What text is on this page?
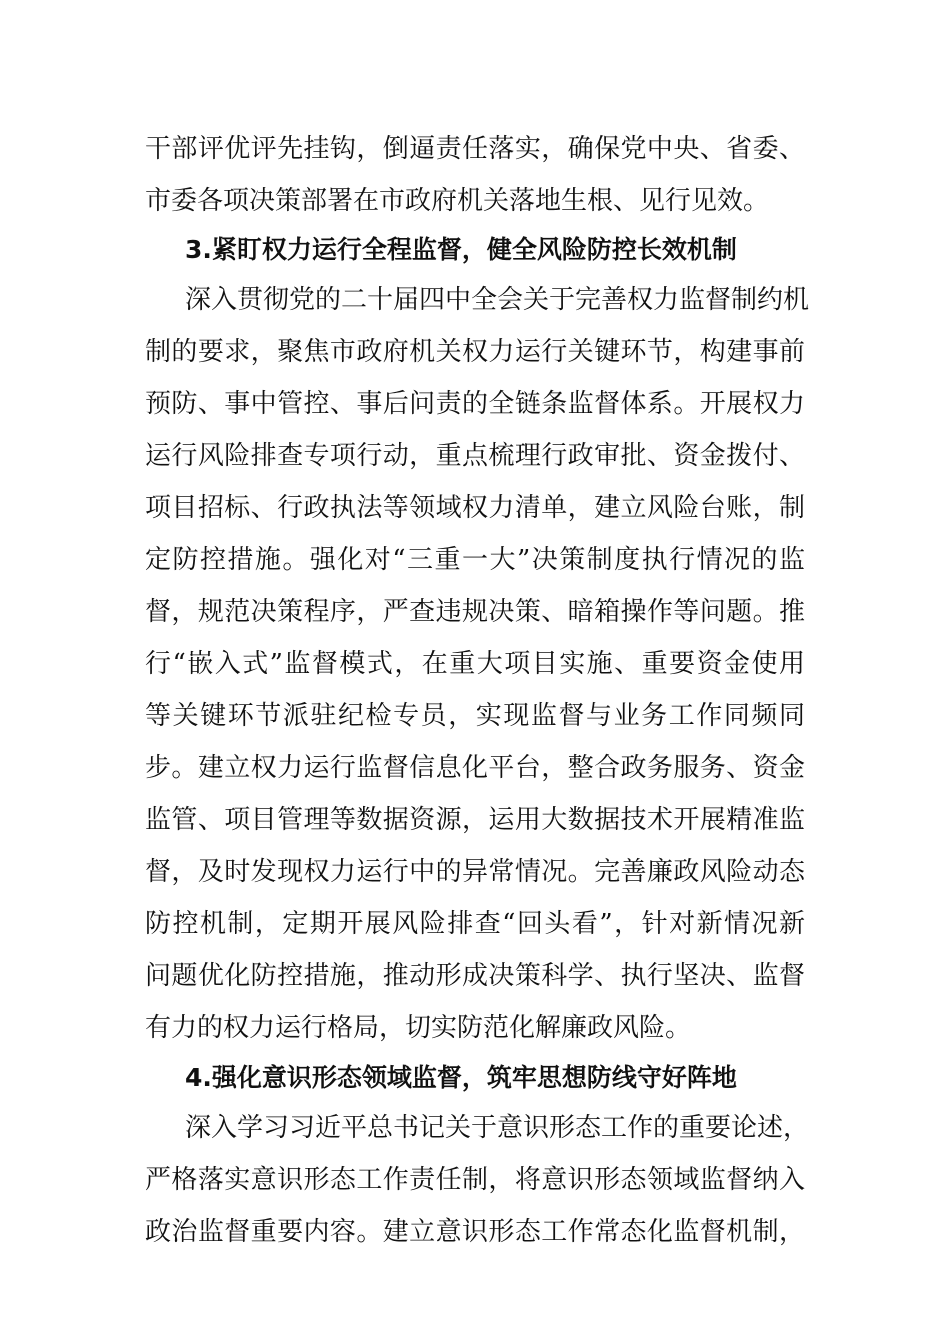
干部评优评先挂钩，倒逼责任落实，确保党中央、省委、
市委各项决策部署在市政府机关落地生根、见行见效。
3.紧盯权力运行全程监督，健全风险防控长效机制
深入贯彻党的二十届四中全会关于完善权力监督制约机
制的要求，聚焦市政府机关权力运行关键环节，构建事前
预防、事中管控、事后问责的全链条监督体系。开展权力
运行风险排查专项行动，重点梳理行政审批、资金拨付、
项目招标、行政执法等领域权力清单，建立风险台账，制
定防控措施。强化对“三重一大”决策制度执行情况的监
督，规范决策程序，严查违规决策、暗箱操作等问题。推
行“嵌入式”监督模式，在重大项目实施、重要资金使用
等关键环节派驻纪检专员，实现监督与业务工作同频同
步。建立权力运行监督信息化平台，整合政务服务、资金
监管、项目管理等数据资源，运用大数据技术开展精准监
督，及时发现权力运行中的异常情况。完善廉政风险动态
防控机制，定期开展风险排查“回头看”，针对新情况新
问题优化防控措施，推动形成决策科学、执行坚决、监督
有力的权力运行格局，切实防范化解廉政风险。
4.强化意识形态领域监督，筑牢思想防线守好阵地
深入学习习近平总书记关于意识形态工作的重要论述，
严格落实意识形态工作责任制，将意识形态领域监督纳入
政治监督重要内容。建立意识形态工作常态化监督机制，
